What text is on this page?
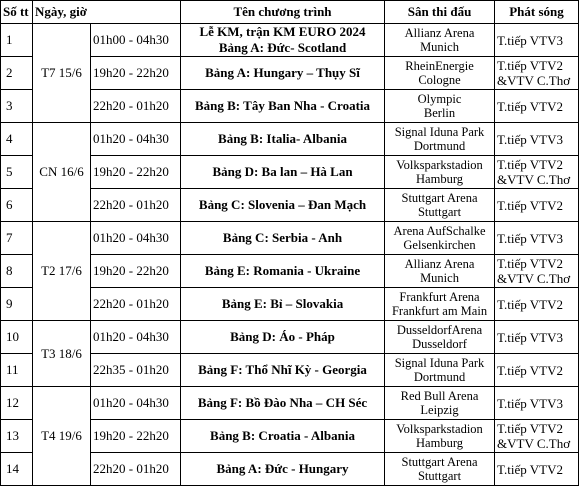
Số tt	Ngày, giờ		Tên chương trình	Sân thi đấu	Phát sóng
1	T7 15/6	01h00 - 04h30	Lễ KM, trận KM EURO 2024
Bảng A: Đức- Scotland	Allianz Arena
Munich	T.tiếp VTV3

2		19h20 - 22h20	Bảng A: Hungary – Thụy Sĩ	RheinEnergie
Cologne	T.tiếp VTV2
&VTV C.Thơ

3		22h20 - 01h20	Bảng B: Tây Ban Nha - Croatia	Olympic
Berlin	T.tiếp VTV2

4	CN 16/6	01h20 - 04h30	Bảng B: Italia- Albania	Signal Iduna Park
Dortmund	T.tiếp VTV3

5		19h20 - 22h20	Bảng D: Ba lan – Hà Lan	Volksparkstadion
Hamburg	T.tiếp VTV2
&VTV C.Thơ

6		22h20 - 01h20	Bảng C: Slovenia – Đan Mạch	Stuttgart Arena
Stuttgart	T.tiếp VTV2

7	T2 17/6	01h20 - 04h30	Bảng C: Serbia - Anh	Arena AufSchalke
Gelsenkirchen	T.tiếp VTV3

8		19h20 - 22h20	Bảng E: Romania - Ukraine	Allianz Arena
Munich	T.tiếp VTV2
&VTV C.Thơ

9		22h20 - 01h20	Bảng E: Bỉ – Slovakia	Frankfurt Arena
Frankfurt am Main	T.tiếp VTV2

10	T3 18/6	01h20 - 04h30	Bảng D: Áo - Pháp	DusseldorfArena
Dusseldorf	T.tiếp VTV3

11		22h35 - 01h20	Bảng F: Thổ Nhĩ Kỳ - Georgia	Signal Iduna Park
Dortmund	T.tiếp VTV2

12	T4 19/6	01h20 - 04h30	Bảng F: Bồ Đào Nha – CH Séc	Red Bull Arena
Leipzig	T.tiếp VTV3

13		19h20 - 22h20	Bảng B: Croatia - Albania	Volksparkstadion
Hamburg	T.tiếp VTV2
&VTV C.Thơ

14		22h20 - 01h20	Bảng A: Đức - Hungary	Stuttgart Arena
Stuttgart	T.tiếp VTV2
